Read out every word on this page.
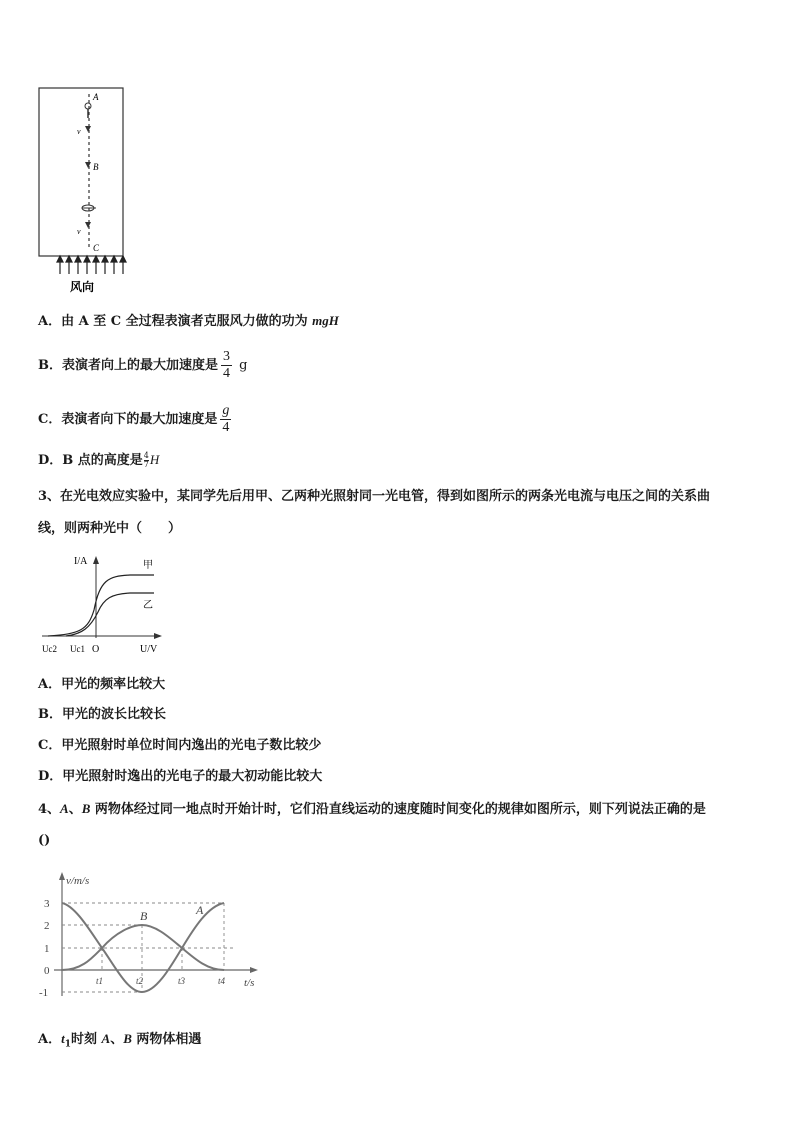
A
B
C
v
v
风向
A．由 A 至 C 全过程表演者克服风力做的功为 mgH
B．表演者向上的最大加速度是 $\frac{3}{4}$ g
C．表演者向下的最大加速度是 $\frac{g}{4}$
D．B 点的高度是 $\frac{4}{7}$ H
3、在光电效应实验中，某同学先后用甲、乙两种光照射同一光电管，得到如图所示的两条光电流与电压之间的关系曲
线，则两种光中（　　）
I/A
U/V
O
Uc2 Uc1
甲
乙
A．甲光的频率比较大
B．甲光的波长比较长
C．甲光照射时单位时间内逸出的光电子数比较少
D．甲光照射时逸出的光电子的最大初动能比较大
4、A、B 两物体经过同一地点时开始计时，它们沿直线运动的速度随时间变化的规律如图所示，则下列说法正确的是
()
v/m/s
t/s
3
2
1
0
-1
t1	t2	t3	t4
B	A
A．$t_1$时刻 A、B 两物体相遇
